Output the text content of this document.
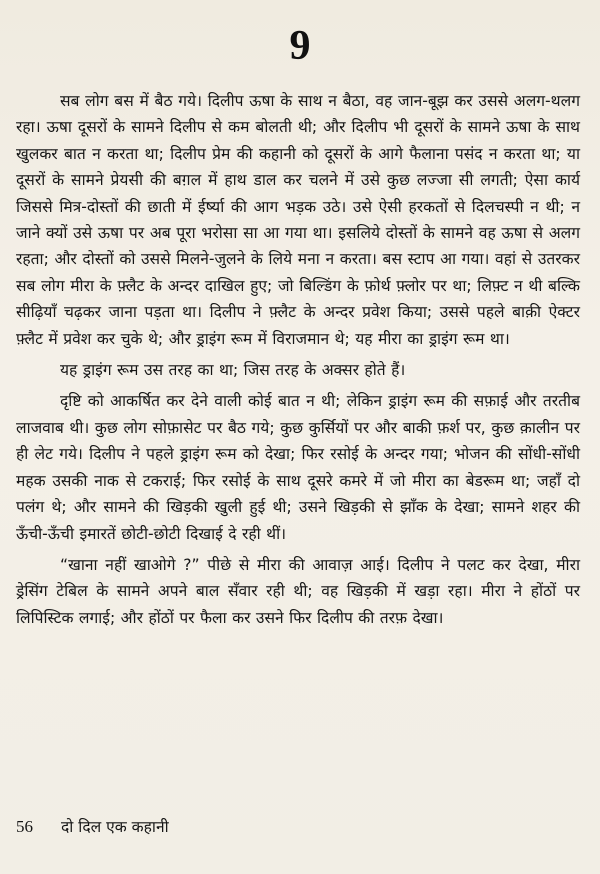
9

सब लोग बस में बैठ गये। दिलीप ऊषा के साथ न बैठा, वह जान-बूझ कर उससे अलग-थलग रहा। ऊषा दूसरों के सामने दिलीप से कम बोलती थी; और दिलीप भी दूसरों के सामने ऊषा के साथ खुलकर बात न करता था; दिलीप प्रेम की कहानी को दूसरों के आगे फैलाना पसंद न करता था; या दूसरों के सामने प्रेयसी की बग़ल में हाथ डाल कर चलने में उसे कुछ लज्जा सी लगती; ऐसा कार्य जिससे मित्र-दोस्तों की छाती में ईर्ष्या की आग भड़क उठे। उसे ऐसी हरकतों से दिलचस्पी न थी; न जाने क्यों उसे ऊषा पर अब पूरा भरोसा सा आ गया था। इसलिये दोस्तों के सामने वह ऊषा से अलग रहता; और दोस्तों को उससे मिलने-जुलने के लिये मना न करता। बस स्टाप आ गया। वहां से उतरकर सब लोग मीरा के फ़्लैट के अन्दर दाखिल हुए; जो बिल्डिंग के फ़ोर्थ फ़्लोर पर था; लिफ़्ट न थी बल्कि सीढ़ियाँ चढ़कर जाना पड़ता था। दिलीप ने फ़्लैट के अन्दर प्रवेश किया; उससे पहले बाक़ी ऐक्टर फ़्लैट में प्रवेश कर चुके थे; और ड्राइंग रूम में विराजमान थे; यह मीरा का ड्राइंग रूम था।

यह ड्राइंग रूम उस तरह का था; जिस तरह के अक्सर होते हैं।

दृष्टि को आकर्षित कर देने वाली कोई बात न थी; लेकिन ड्राइंग रूम की सफ़ाई और तरतीब लाजवाब थी। कुछ लोग सोफ़ासेट पर बैठ गये; कुछ कुर्सियों पर और बाकी फ़र्श पर, कुछ क़ालीन पर ही लेट गये। दिलीप ने पहले ड्राइंग रूम को देखा; फिर रसोई के अन्दर गया; भोजन की सोंधी-सोंधी महक उसकी नाक से टकराई; फिर रसोई के साथ दूसरे कमरे में जो मीरा का बेडरूम था; जहाँ दो पलंग थे; और सामने की खिड़की खुली हुई थी; उसने खिड़की से झाँक के देखा; सामने शहर की ऊँची-ऊँची इमारतें छोटी-छोटी दिखाई दे रही थीं।

“खाना नहीं खाओगे ?” पीछे से मीरा की आवाज़ आई। दिलीप ने पलट कर देखा, मीरा ड्रेसिंग टेबिल के सामने अपने बाल सँवार रही थी; वह खिड़की में खड़ा रहा। मीरा ने होंठों पर लिपिस्टिक लगाई; और होंठों पर फैला कर उसने फिर दिलीप की तरफ़ देखा।

56 दो दिल एक कहानी
